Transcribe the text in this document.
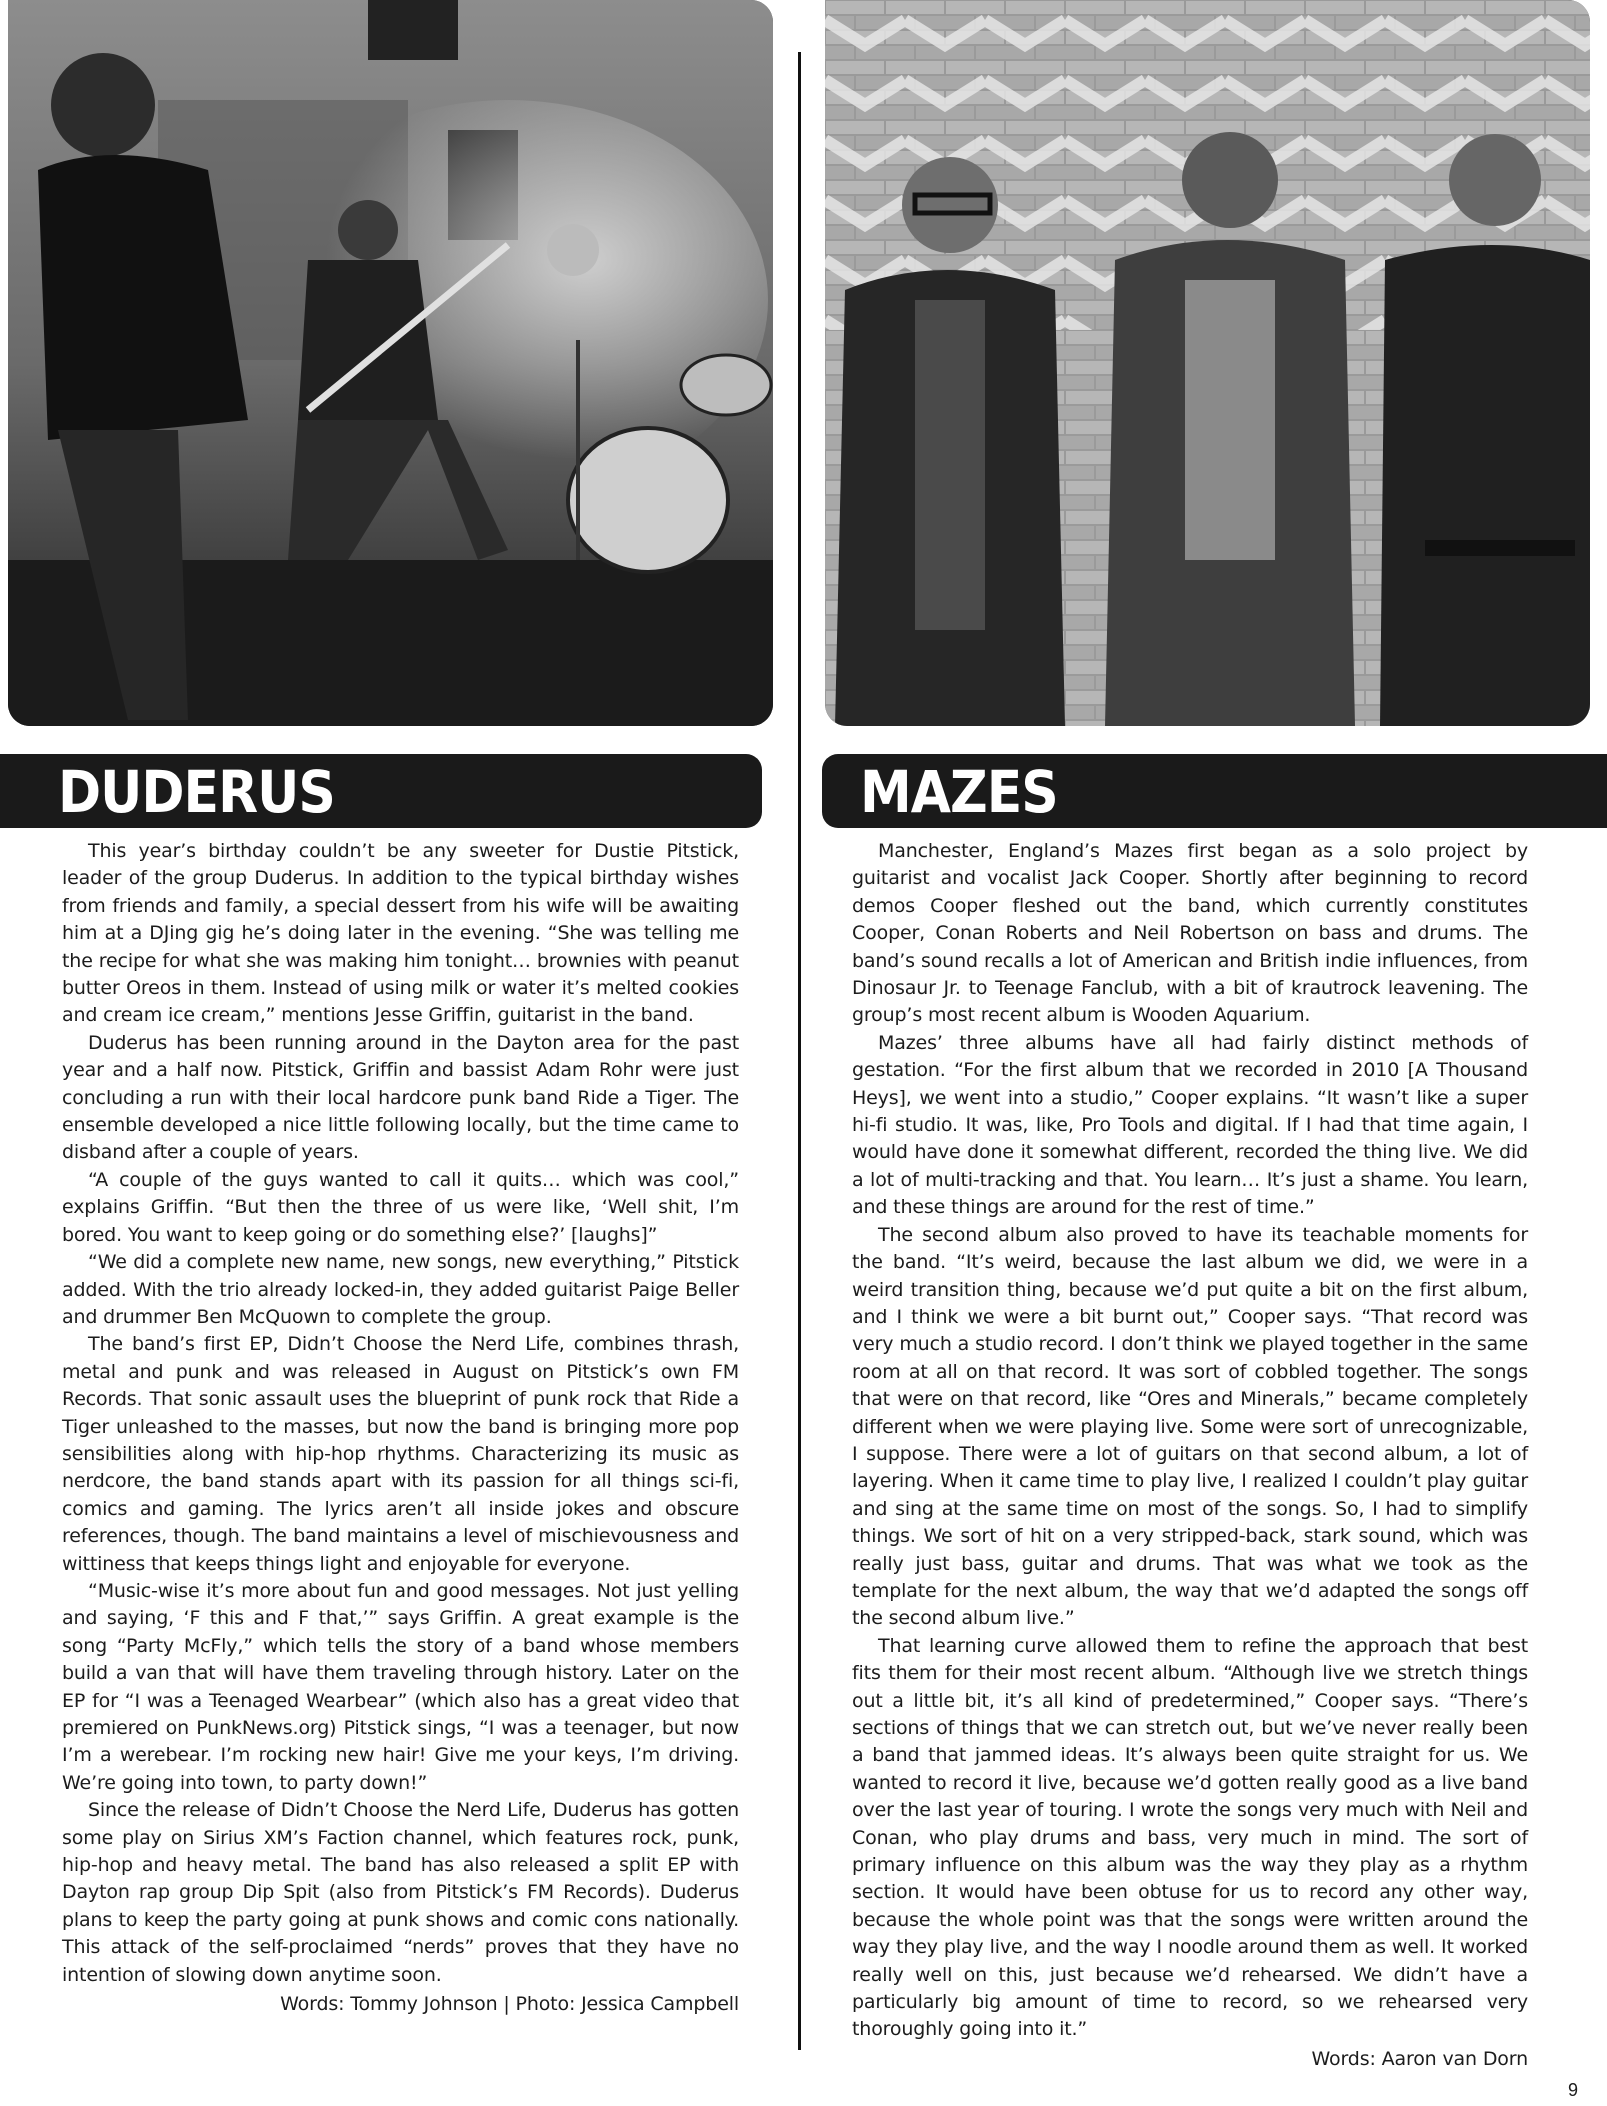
DUDERUS

This year’s birthday couldn’t be any sweeter for Dustie Pitstick, leader of the group Duderus. In addition to the typical birthday wishes from friends and family, a special dessert from his wife will be awaiting him at a DJing gig he’s doing later in the evening. “She was telling me the recipe for what she was making him tonight… brownies with peanut butter Oreos in them. Instead of using milk or water it’s melted cookies and cream ice cream,” mentions Jesse Griffin, guitarist in the band.

Duderus has been running around in the Dayton area for the past year and a half now. Pitstick, Griffin and bassist Adam Rohr were just concluding a run with their local hardcore punk band Ride a Tiger. The ensemble developed a nice little following locally, but the time came to disband after a couple of years.

“A couple of the guys wanted to call it quits… which was cool,” explains Griffin. “But then the three of us were like, ‘Well shit, I’m bored. You want to keep going or do something else?’ [laughs]”

“We did a complete new name, new songs, new everything,” Pitstick added. With the trio already locked-in, they added guitarist Paige Beller and drummer Ben McQuown to complete the group.

The band’s first EP, Didn’t Choose the Nerd Life, combines thrash, metal and punk and was released in August on Pitstick’s own FM Records. That sonic assault uses the blueprint of punk rock that Ride a Tiger unleashed to the masses, but now the band is bringing more pop sensibilities along with hip-hop rhythms. Characterizing its music as nerdcore, the band stands apart with its passion for all things sci-fi, comics and gaming. The lyrics aren’t all inside jokes and obscure references, though. The band maintains a level of mischievousness and wittiness that keeps things light and enjoyable for everyone.

“Music-wise it’s more about fun and good messages. Not just yelling and saying, ‘F this and F that,’” says Griffin. A great example is the song “Party McFly,” which tells the story of a band whose members build a van that will have them traveling through history. Later on the EP for “I was a Teenaged Wearbear” (which also has a great video that premiered on PunkNews.org) Pitstick sings, “I was a teenager, but now I’m a werebear. I’m rocking new hair! Give me your keys, I’m driving. We’re going into town, to party down!”

Since the release of Didn’t Choose the Nerd Life, Duderus has gotten some play on Sirius XM’s Faction channel, which features rock, punk, hip-hop and heavy metal. The band has also released a split EP with Dayton rap group Dip Spit (also from Pitstick’s FM Records). Duderus plans to keep the party going at punk shows and comic cons nationally. This attack of the self-proclaimed “nerds” proves that they have no intention of slowing down anytime soon.

Words: Tommy Johnson | Photo: Jessica Campbell
MAZES

Manchester, England’s Mazes first began as a solo project by guitarist and vocalist Jack Cooper. Shortly after beginning to record demos Cooper fleshed out the band, which currently constitutes Cooper, Conan Roberts and Neil Robertson on bass and drums. The band’s sound recalls a lot of American and British indie influences, from Dinosaur Jr. to Teenage Fanclub, with a bit of krautrock leavening. The group’s most recent album is Wooden Aquarium.

Mazes’ three albums have all had fairly distinct methods of gestation. “For the first album that we recorded in 2010 [A Thousand Heys], we went into a studio,” Cooper explains. “It wasn’t like a super hi-fi studio. It was, like, Pro Tools and digital. If I had that time again, I would have done it somewhat different, recorded the thing live. We did a lot of multi-tracking and that. You learn… It’s just a shame. You learn, and these things are around for the rest of time.”

The second album also proved to have its teachable moments for the band. “It’s weird, because the last album we did, we were in a weird transition thing, because we’d put quite a bit on the first album, and I think we were a bit burnt out,” Cooper says. “That record was very much a studio record. I don’t think we played together in the same room at all on that record. It was sort of cobbled together. The songs that were on that record, like “Ores and Minerals,” became completely different when we were playing live. Some were sort of unrecognizable, I suppose. There were a lot of guitars on that second album, a lot of layering. When it came time to play live, I realized I couldn’t play guitar and sing at the same time on most of the songs. So, I had to simplify things. We sort of hit on a very stripped-back, stark sound, which was really just bass, guitar and drums. That was what we took as the template for the next album, the way that we’d adapted the songs off the second album live.”

That learning curve allowed them to refine the approach that best fits them for their most recent album. “Although live we stretch things out a little bit, it’s all kind of predetermined,” Cooper says. “There’s sections of things that we can stretch out, but we’ve never really been a band that jammed ideas. It’s always been quite straight for us. We wanted to record it live, because we’d gotten really good as a live band over the last year of touring. I wrote the songs very much with Neil and Conan, who play drums and bass, very much in mind. The sort of primary influence on this album was the way they play as a rhythm section. It would have been obtuse for us to record any other way, because the whole point was that the songs were written around the way they play live, and the way I noodle around them as well. It worked really well on this, just because we’d rehearsed. We didn’t have a particularly big amount of time to record, so we rehearsed very thoroughly going into it.”

Words: Aaron van Dorn
9
